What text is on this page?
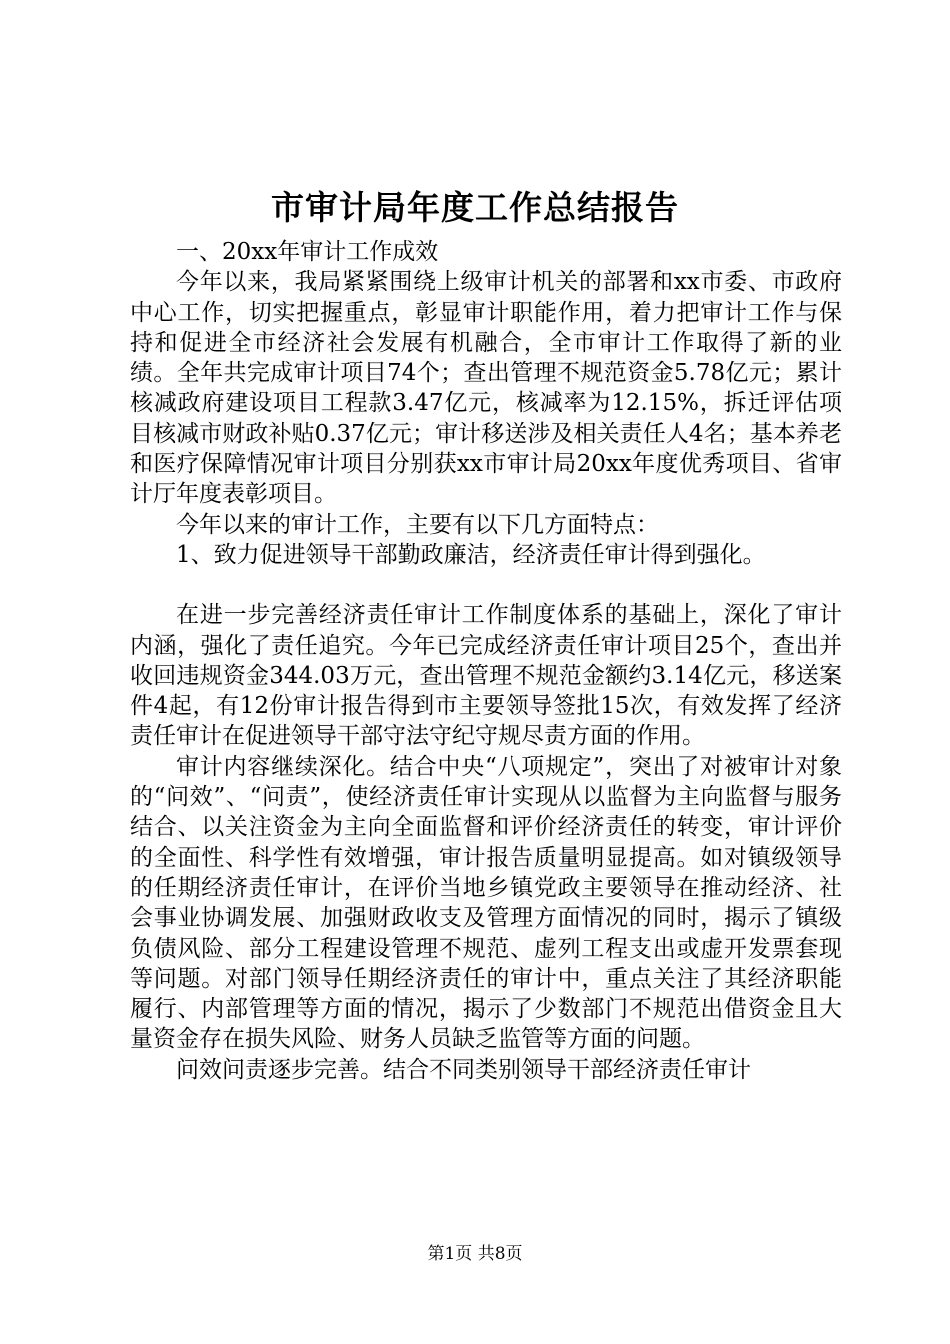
市审计局年度工作总结报告

一、20xx年审计工作成效

今年以来，我局紧紧围绕上级审计机关的部署和xx市委、市政府中心工作，切实把握重点，彰显审计职能作用，着力把审计工作与保持和促进全市经济社会发展有机融合，全市审计工作取得了新的业绩。全年共完成审计项目74个；查出管理不规范资金5.78亿元；累计核减政府建设项目工程款3.47亿元，核减率为12.15%，拆迁评估项目核减市财政补贴0.37亿元；审计移送涉及相关责任人4名；基本养老和医疗保障情况审计项目分别获xx市审计局20xx年度优秀项目、省审计厅年度表彰项目。

今年以来的审计工作，主要有以下几方面特点：

1、致力促进领导干部勤政廉洁，经济责任审计得到强化。

在进一步完善经济责任审计工作制度体系的基础上，深化了审计内涵，强化了责任追究。今年已完成经济责任审计项目25个，查出并收回违规资金344.03万元，查出管理不规范金额约3.14亿元，移送案件4起，有12份审计报告得到市主要领导签批15次，有效发挥了经济责任审计在促进领导干部守法守纪守规尽责方面的作用。

审计内容继续深化。结合中央“八项规定”，突出了对被审计对象的“问效”、“问责”，使经济责任审计实现从以监督为主向监督与服务结合、以关注资金为主向全面监督和评价经济责任的转变，审计评价的全面性、科学性有效增强，审计报告质量明显提高。如对镇级领导的任期经济责任审计，在评价当地乡镇党政主要领导在推动经济、社会事业协调发展、加强财政收支及管理方面情况的同时，揭示了镇级负债风险、部分工程建设管理不规范、虚列工程支出或虚开发票套现等问题。对部门领导任期经济责任的审计中，重点关注了其经济职能履行、内部管理等方面的情况，揭示了少数部门不规范出借资金且大量资金存在损失风险、财务人员缺乏监管等方面的问题。

问效问责逐步完善。结合不同类别领导干部经济责任审计

第1页 共8页
